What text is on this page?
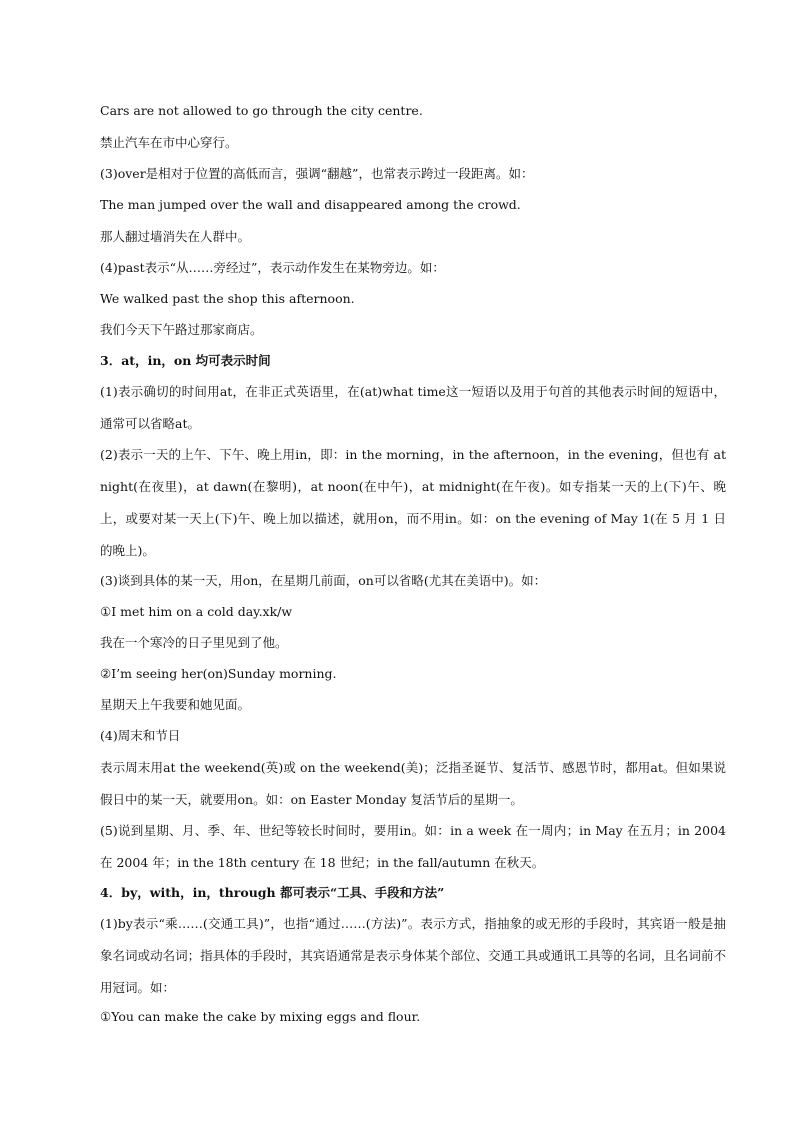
Cars are not allowed to go through the city centre.
禁止汽车在市中心穿行。
(3)over是相对于位置的高低而言，强调“翻越”，也常表示跨过一段距离。如：
The man jumped over the wall and disappeared among the crowd.
那人翻过墙消失在人群中。
(4)past表示“从……旁经过”，表示动作发生在某物旁边。如：
We walked past the shop this afternoon.
我们今天下午路过那家商店。
3．at，in，on 均可表示时间
(1)表示确切的时间用at，在非正式英语里，在(at)what time这一短语以及用于句首的其他表示时间的短语中，通常可以省略at。
(2)表示一天的上午、下午、晚上用in，即：in the morning，in the afternoon，in the evening，但也有 at night(在夜里)，at dawn(在黎明)，at noon(在中午)，at midnight(在午夜)。如专指某一天的上(下)午、晚上，或要对某一天上(下)午、晚上加以描述，就用on，而不用in。如：on the evening of May 1(在 5 月 1 日的晚上)。
(3)谈到具体的某一天，用on，在星期几前面，on可以省略(尤其在美语中)。如：
①I met him on a cold day.xk/w
我在一个寒冷的日子里见到了他。
②I’m seeing her(on)Sunday morning.
星期天上午我要和她见面。
(4)周末和节日
表示周末用at the weekend(英)或 on the weekend(美)；泛指圣诞节、复活节、感恩节时，都用at。但如果说假日中的某一天，就要用on。如：on Easter Monday 复活节后的星期一。
(5)说到星期、月、季、年、世纪等较长时间时，要用in。如：in a week 在一周内；in May 在五月；in 2004 在 2004 年；in the 18th century 在 18 世纪；in the fall/autumn 在秋天。
4．by，with，in，through 都可表示“工具、手段和方法”
(1)by表示“乘……(交通工具)”，也指“通过……(方法)”。表示方式，指抽象的或无形的手段时，其宾语一般是抽象名词或动名词；指具体的手段时，其宾语通常是表示身体某个部位、交通工具或通讯工具等的名词，且名词前不用冠词。如：
①You can make the cake by mixing eggs and flour.
